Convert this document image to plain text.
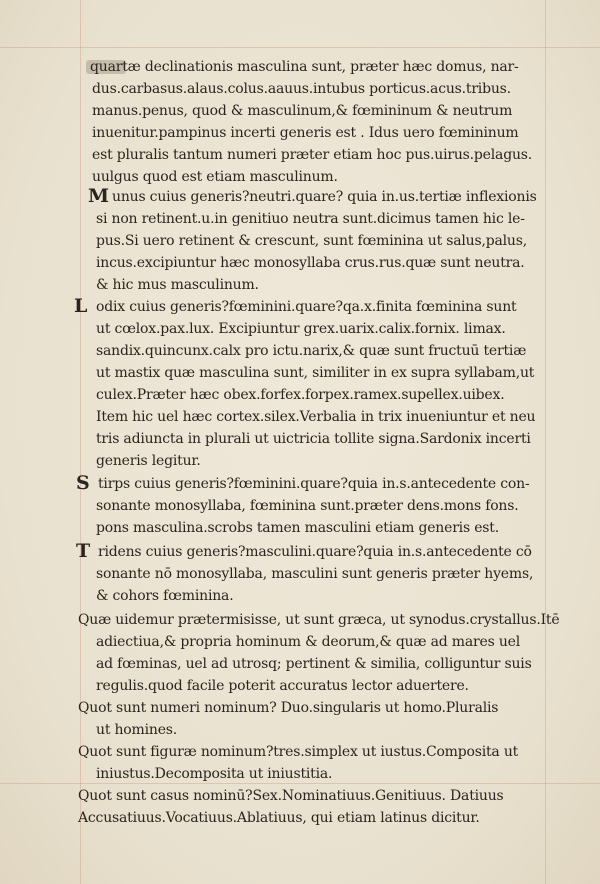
quartæ declinationis masculina sunt, præter hæc domus, nar-
dus.carbasus.alaus.colus.aauus.intubus porticus.acus.tribus.
manus.penus, quod & masculinum,& fœmininum & neutrum
inuenitur.pampinus incerti generis est . Idus uero fœmininum
est pluralis tantum numeri præter etiam hoc pus.uirus.pelagus.
uulgus quod est etiam masculinum.
M unus cuius generis?neutri.quare? quia in.us.tertiæ inflexionis
si non retinent.u.in genitiuo neutra sunt.dicimus tamen hic le-
pus.Si uero retinent & crescunt, sunt fœminina ut salus,palus,
incus.excipiuntur hæc monosyllaba crus.rus.quæ sunt neutra.
& hic mus masculinum.
L odix cuius generis?fœminini.quare?qa.x.finita fœminina sunt
ut cœlox.pax.lux. Excipiuntur grex.uarix.calix.fornix. limax.
sandix.quincunx.calx pro ictu.narix,& quæ sunt fructuū tertiæ
ut mastix quæ masculina sunt, similiter in ex supra syllabam,ut
culex.Præter hæc obex.forfex.forpex.ramex.supellex.uibex.
Item hic uel hæc cortex.silex.Verbalia in trix inueniuntur et neu
tris adiuncta in plurali ut uictricia tollite signa.Sardonix incerti
generis legitur.
S tirps cuius generis?fœminini.quare?quia in.s.antecedente con-
sonante monosyllaba, fœminina sunt.præter dens.mons fons.
pons masculina.scrobs tamen masculini etiam generis est.
T ridens cuius generis?masculini.quare?quia in.s.antecedente cō
sonante nō monosyllaba, masculini sunt generis præter hyems,
& cohors fœminina.
Quæ uidemur prætermisisse, ut sunt græca, ut synodus.crystallus.Itē
adiectiua,& propria hominum & deorum,& quæ ad mares uel
ad fœminas, uel ad utrosq; pertinent & similia, colliguntur suis
regulis.quod facile poterit accuratus lector aduertere.
Quot sunt numeri nominum? Duo.singularis ut homo.Pluralis
ut homines.
Quot sunt figuræ nominum?tres.simplex ut iustus.Composita ut
iniustus.Decomposita ut iniustitia.
Quot sunt casus nominū?Sex.Nominatiuus.Genitiuus. Datiuus
Accusatiuus.Vocatiuus.Ablatiuus, qui etiam latinus dicitur.
